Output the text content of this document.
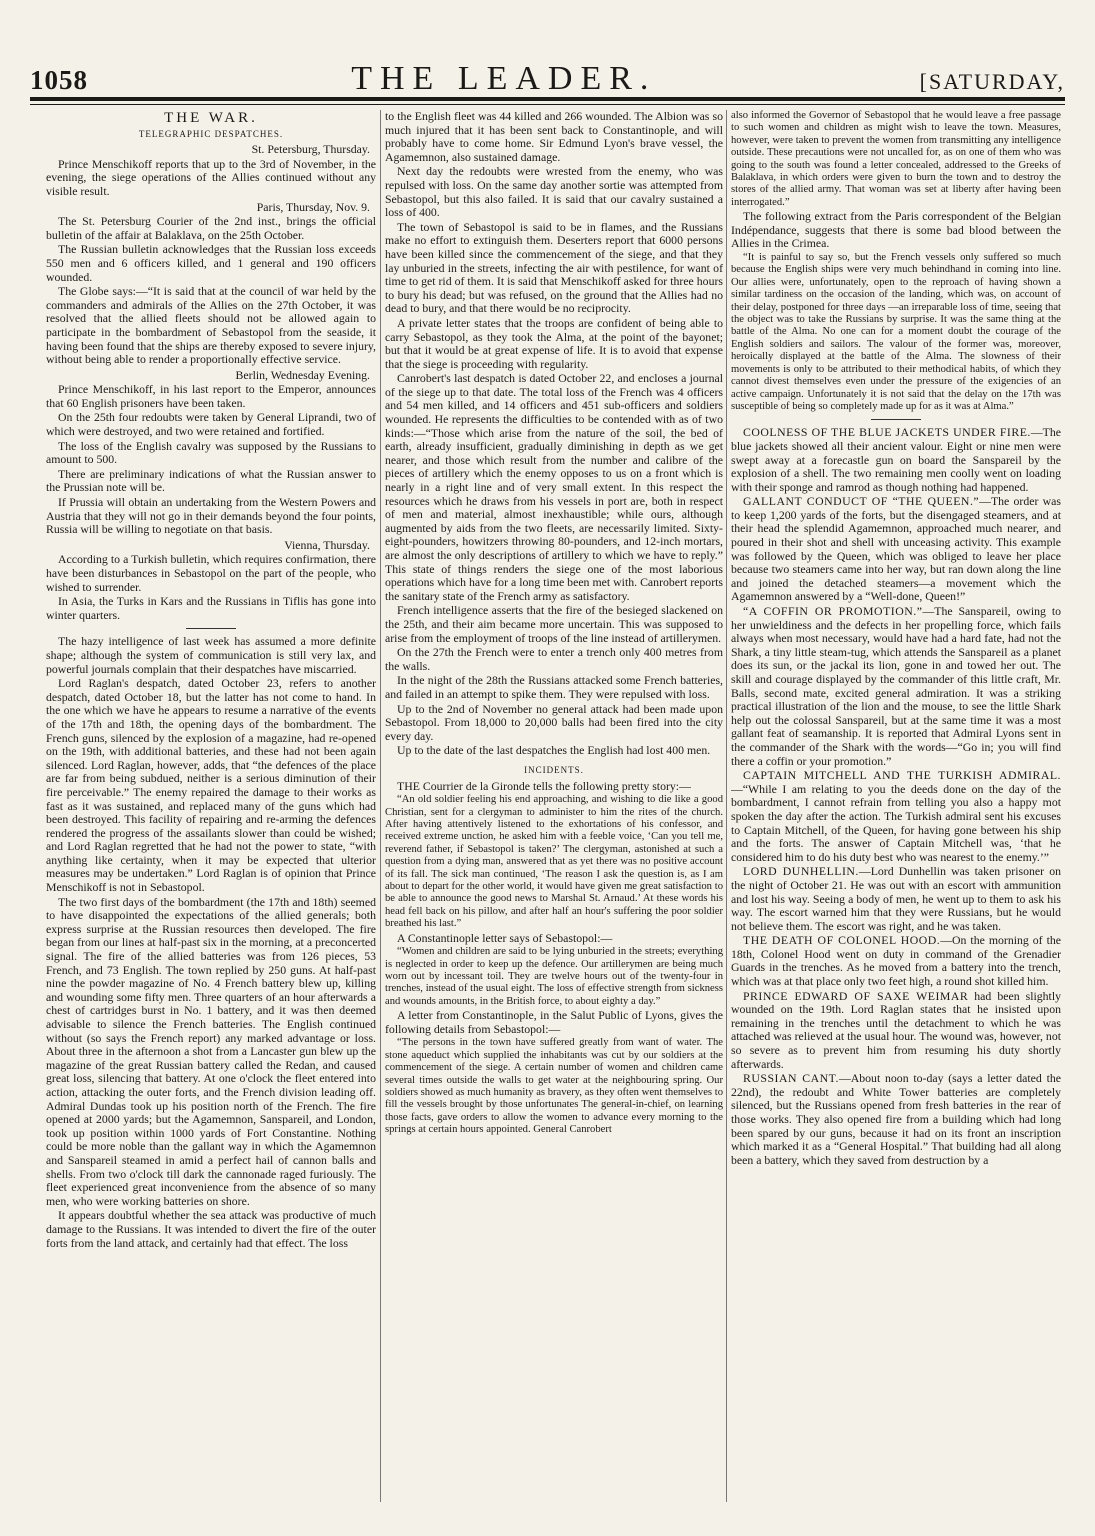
1058	THE LEADER.	[SATURDAY,
THE WAR.
TELEGRAPHIC DESPATCHES.

St. Petersburg, Thursday.

Prince Menschikoff reports that up to the 3rd of November, in the evening, the siege operations of the Allies continued without any visible result.

Paris, Thursday, Nov. 9.

The St. Petersburg Courier of the 2nd inst., brings the official bulletin of the affair at Balaklava, on the 25th October.

The Russian bulletin acknowledges that the Russian loss exceeds 550 men and 6 officers killed, and 1 general and 190 officers wounded.

The Globe says:—“It is said that at the council of war held by the commanders and admirals of the Allies on the 27th October, it was resolved that the allied fleets should not be allowed again to participate in the bombardment of Sebastopol from the seaside, it having been found that the ships are thereby exposed to severe injury, without being able to render a proportionally effective service.

Berlin, Wednesday Evening.

Prince Menschikoff, in his last report to the Emperor, announces that 60 English prisoners have been taken.

On the 25th four redoubts were taken by General Liprandi, two of which were destroyed, and two were retained and fortified.

The loss of the English cavalry was supposed by the Russians to amount to 500.

There are preliminary indications of what the Russian answer to the Prussian note will be.

If Prussia will obtain an undertaking from the Western Powers and Austria that they will not go in their demands beyond the four points, Russia will be willing to negotiate on that basis.

Vienna, Thursday.

According to a Turkish bulletin, which requires confirmation, there have been disturbances in Sebastopol on the part of the people, who wished to surrender.

In Asia, the Turks in Kars and the Russians in Tiflis has gone into winter quarters.

The hazy intelligence of last week has assumed a more definite shape; although the system of communication is still very lax, and powerful journals complain that their despatches have miscarried.

Lord Raglan's despatch, dated October 23, refers to another despatch, dated October 18, but the latter has not come to hand. In the one which we have he appears to resume a narrative of the events of the 17th and 18th, the opening days of the bombardment. The French guns, silenced by the explosion of a magazine, had re-opened on the 19th, with additional batteries, and these had not been again silenced. Lord Raglan, however, adds, that “the defences of the place are far from being subdued, neither is a serious diminution of their fire perceivable.” The enemy repaired the damage to their works as fast as it was sustained, and replaced many of the guns which had been destroyed. This facility of repairing and re-arming the defences rendered the progress of the assailants slower than could be wished; and Lord Raglan regretted that he had not the power to state, “with anything like certainty, when it may be expected that ulterior measures may be undertaken.” Lord Raglan is of opinion that Prince Menschikoff is not in Sebastopol.

The two first days of the bombardment (the 17th and 18th) seemed to have disappointed the expectations of the allied generals; both express surprise at the Russian resources then developed. The fire began from our lines at half-past six in the morning, at a preconcerted signal. The fire of the allied batteries was from 126 pieces, 53 French, and 73 English. The town replied by 250 guns. At half-past nine the powder magazine of No. 4 French battery blew up, killing and wounding some fifty men. Three quarters of an hour afterwards a chest of cartridges burst in No. 1 battery, and it was then deemed advisable to silence the French batteries. The English continued without (so says the French report) any marked advantage or loss. About three in the afternoon a shot from a Lancaster gun blew up the magazine of the great Russian battery called the Redan, and caused great loss, silencing that battery. At one o'clock the fleet entered into action, attacking the outer forts, and the French division leading off. Admiral Dundas took up his position north of the French. The fire opened at 2000 yards; but the Agamemnon, Sanspareil, and London, took up position within 1000 yards of Fort Constantine. Nothing could be more noble than the gallant way in which the Agamemnon and Sanspareil steamed in amid a perfect hail of cannon balls and shells. From two o'clock till dark the cannonade raged furiously. The fleet experienced great inconvenience from the absence of so many men, who were working batteries on shore.

It appears doubtful whether the sea attack was productive of much damage to the Russians. It was intended to divert the fire of the outer forts from the land attack, and certainly had that effect. The loss

to the English fleet was 44 killed and 266 wounded. The Albion was so much injured that it has been sent back to Constantinople, and will probably have to come home. Sir Edmund Lyon's brave vessel, the Agamemnon, also sustained damage.

Next day the redoubts were wrested from the enemy, who was repulsed with loss. On the same day another sortie was attempted from Sebastopol, but this also failed. It is said that our cavalry sustained a loss of 400.

The town of Sebastopol is said to be in flames, and the Russians make no effort to extinguish them. Deserters report that 6000 persons have been killed since the commencement of the siege, and that they lay unburied in the streets, infecting the air with pestilence, for want of time to get rid of them. It is said that Menschikoff asked for three hours to bury his dead; but was refused, on the ground that the Allies had no dead to bury, and that there would be no reciprocity.

A private letter states that the troops are confident of being able to carry Sebastopol, as they took the Alma, at the point of the bayonet; but that it would be at great expense of life. It is to avoid that expense that the siege is proceeding with regularity.

Canrobert's last despatch is dated October 22, and encloses a journal of the siege up to that date. The total loss of the French was 4 officers and 54 men killed, and 14 officers and 451 sub-officers and soldiers wounded. He represents the difficulties to be contended with as of two kinds:—“Those which arise from the nature of the soil, the bed of earth, already insufficient, gradually diminishing in depth as we get nearer, and those which result from the number and calibre of the pieces of artillery which the enemy opposes to us on a front which is nearly in a right line and of very small extent. In this respect the resources which he draws from his vessels in port are, both in respect of men and material, almost inexhaustible; while ours, although augmented by aids from the two fleets, are necessarily limited. Sixty-eight-pounders, howitzers throwing 80-pounders, and 12-inch mortars, are almost the only descriptions of artillery to which we have to reply.” This state of things renders the siege one of the most laborious operations which have for a long time been met with. Canrobert reports the sanitary state of the French army as satisfactory.

French intelligence asserts that the fire of the besieged slackened on the 25th, and their aim became more uncertain. This was supposed to arise from the employment of troops of the line instead of artillerymen.

On the 27th the French were to enter a trench only 400 metres from the walls.

In the night of the 28th the Russians attacked some French batteries, and failed in an attempt to spike them. They were repulsed with loss.

Up to the 2nd of November no general attack had been made upon Sebastopol. From 18,000 to 20,000 balls had been fired into the city every day.

Up to the date of the last despatches the English had lost 400 men.

INCIDENTS.

THE Courrier de la Gironde tells the following pretty story:—

“An old soldier feeling his end approaching, and wishing to die like a good Christian, sent for a clergyman to administer to him the rites of the church. After having attentively listened to the exhortations of his confessor, and received extreme unction, he asked him with a feeble voice, ‘Can you tell me, reverend father, if Sebastopol is taken?’ The clergyman, astonished at such a question from a dying man, answered that as yet there was no positive account of its fall. The sick man continued, ‘The reason I ask the question is, as I am about to depart for the other world, it would have given me great satisfaction to be able to announce the good news to Marshal St. Arnaud.’ At these words his head fell back on his pillow, and after half an hour's suffering the poor soldier breathed his last.”

A Constantinople letter says of Sebastopol:—

“Women and children are said to be lying unburied in the streets; everything is neglected in order to keep up the defence. Our artillerymen are being much worn out by incessant toil. They are twelve hours out of the twenty-four in trenches, instead of the usual eight. The loss of effective strength from sickness and wounds amounts, in the British force, to about eighty a day.”

A letter from Constantinople, in the Salut Public of Lyons, gives the following details from Sebastopol:—

“The persons in the town have suffered greatly from want of water. The stone aqueduct which supplied the inhabitants was cut by our soldiers at the commencement of the siege. A certain number of women and children came several times outside the walls to get water at the neighbouring spring. Our soldiers showed as much humanity as bravery, as they often went themselves to fill the vessels brought by those unfortunates The general-in-chief, on learning those facts, gave orders to allow the women to advance every morning to the springs at certain hours appointed. General Canrobert

also informed the Governor of Sebastopol that he would leave a free passage to such women and children as might wish to leave the town. Measures, however, were taken to prevent the women from transmitting any intelligence outside. These precautions were not uncalled for, as on one of them who was going to the south was found a letter concealed, addressed to the Greeks of Balaklava, in which orders were given to burn the town and to destroy the stores of the allied army. That woman was set at liberty after having been interrogated.”

The following extract from the Paris correspondent of the Belgian Indépendance, suggests that there is some bad blood between the Allies in the Crimea.

“It is painful to say so, but the French vessels only suffered so much because the English ships were very much behindhand in coming into line. Our allies were, unfortunately, open to the reproach of having shown a similar tardiness on the occasion of the landing, which was, on account of their delay, postponed for three days —an irreparable loss of time, seeing that the object was to take the Russians by surprise. It was the same thing at the battle of the Alma. No one can for a moment doubt the courage of the English soldiers and sailors. The valour of the former was, moreover, heroically displayed at the battle of the Alma. The slowness of their movements is only to be attributed to their methodical habits, of which they cannot divest themselves even under the pressure of the exigencies of an active campaign. Unfortunately it is not said that the delay on the 17th was susceptible of being so completely made up for as it was at Alma.”

COOLNESS OF THE BLUE JACKETS UNDER FIRE.—The blue jackets showed all their ancient valour. Eight or nine men were swept away at a forecastle gun on board the Sanspareil by the explosion of a shell. The two remaining men coolly went on loading with their sponge and ramrod as though nothing had happened.

GALLANT CONDUCT OF “THE QUEEN.”—The order was to keep 1,200 yards of the forts, but the disengaged steamers, and at their head the splendid Agamemnon, approached much nearer, and poured in their shot and shell with unceasing activity. This example was followed by the Queen, which was obliged to leave her place because two steamers came into her way, but ran down along the line and joined the detached steamers—a movement which the Agamemnon answered by a “Well-done, Queen!”

“A COFFIN OR PROMOTION.”—The Sanspareil, owing to her unwieldiness and the defects in her propelling force, which fails always when most necessary, would have had a hard fate, had not the Shark, a tiny little steam-tug, which attends the Sanspareil as a planet does its sun, or the jackal its lion, gone in and towed her out. The skill and courage displayed by the commander of this little craft, Mr. Balls, second mate, excited general admiration. It was a striking practical illustration of the lion and the mouse, to see the little Shark help out the colossal Sanspareil, but at the same time it was a most gallant feat of seamanship. It is reported that Admiral Lyons sent in the commander of the Shark with the words—“Go in; you will find there a coffin or your promotion.”

CAPTAIN MITCHELL AND THE TURKISH ADMIRAL.—“While I am relating to you the deeds done on the day of the bombardment, I cannot refrain from telling you also a happy mot spoken the day after the action. The Turkish admiral sent his excuses to Captain Mitchell, of the Queen, for having gone between his ship and the forts. The answer of Captain Mitchell was, ‘that he considered him to do his duty best who was nearest to the enemy.’”

LORD DUNHELLIN.—Lord Dunhellin was taken prisoner on the night of October 21. He was out with an escort with ammunition and lost his way. Seeing a body of men, he went up to them to ask his way. The escort warned him that they were Russians, but he would not believe them. The escort was right, and he was taken.

THE DEATH OF COLONEL HOOD.—On the morning of the 18th, Colonel Hood went on duty in command of the Grenadier Guards in the trenches. As he moved from a battery into the trench, which was at that place only two feet high, a round shot killed him.

PRINCE EDWARD OF SAXE WEIMAR had been slightly wounded on the 19th. Lord Raglan states that he insisted upon remaining in the trenches until the detachment to which he was attached was relieved at the usual hour. The wound was, however, not so severe as to prevent him from resuming his duty shortly afterwards.

RUSSIAN CANT.—About noon to-day (says a letter dated the 22nd), the redoubt and White Tower batteries are completely silenced, but the Russians opened from fresh batteries in the rear of those works. They also opened fire from a building which had long been spared by our guns, because it had on its front an inscription which marked it as a “General Hospital.” That building had all along been a battery, which they saved from destruction by a
